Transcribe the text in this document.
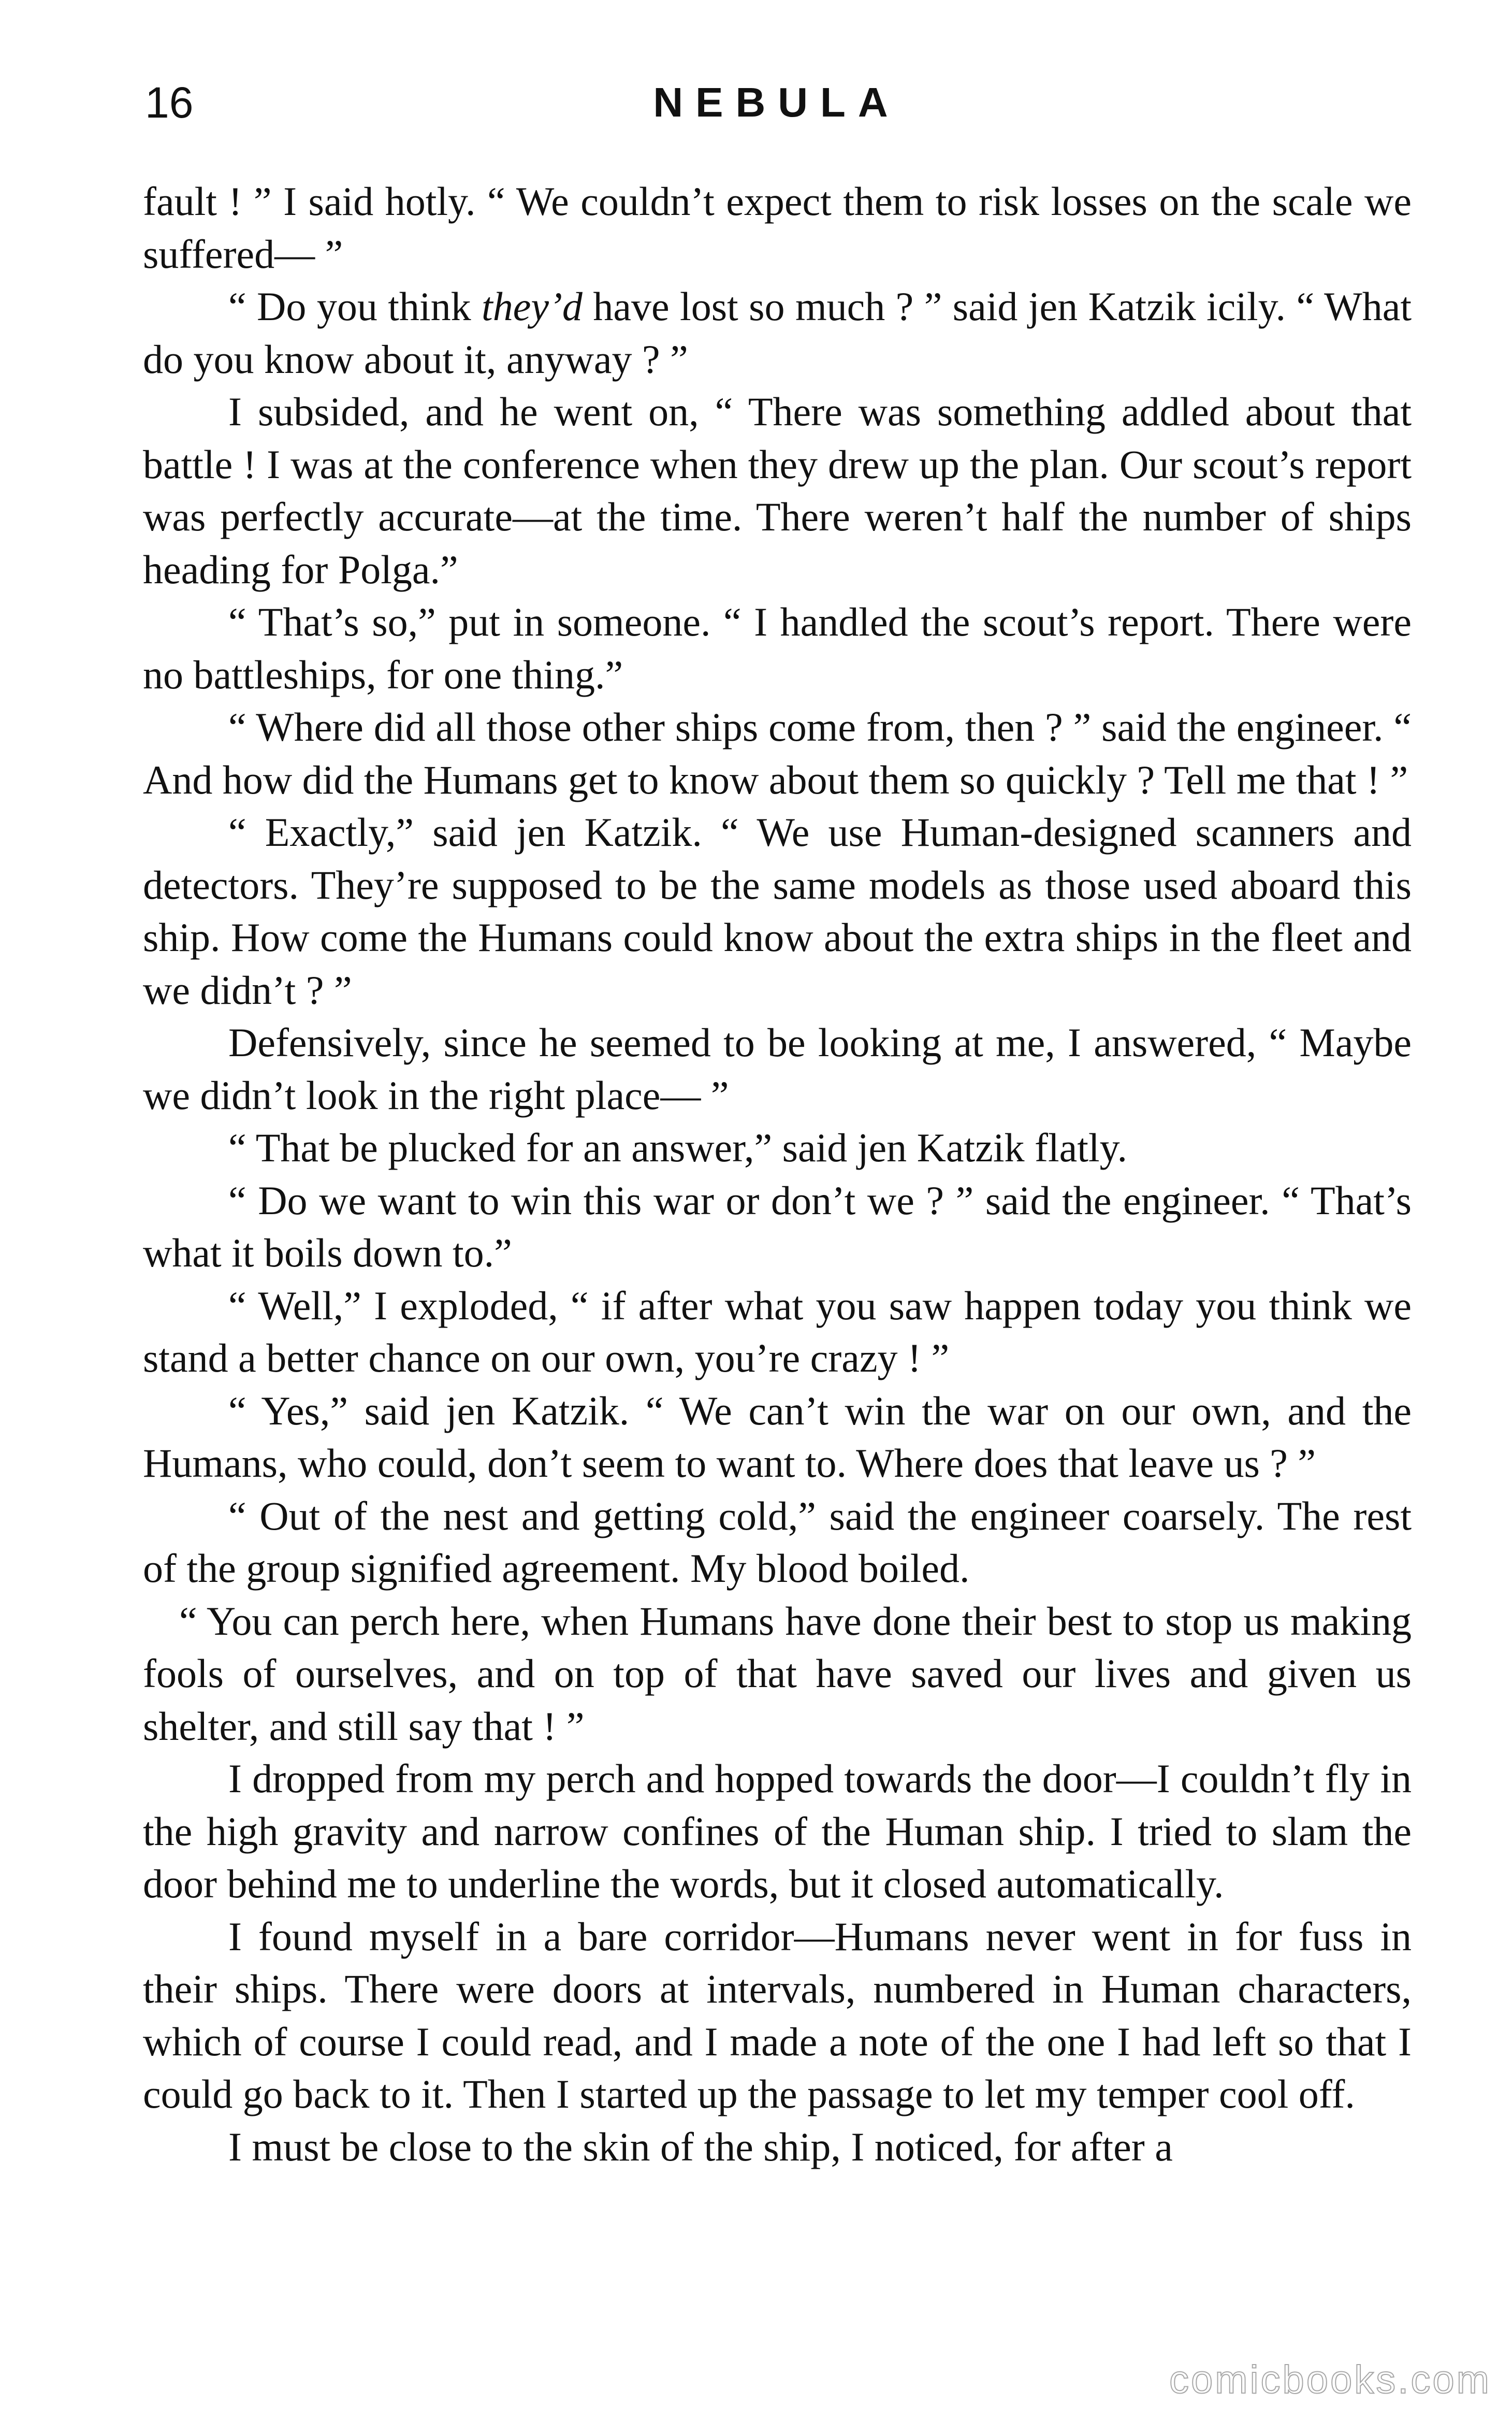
16	NEBULA

fault ! ” I said hotly. “ We couldn’t expect them to risk losses on the scale we suffered— ”

“ Do you think they’d have lost so much ? ” said jen Katzik icily. “ What do you know about it, anyway ? ”

I subsided, and he went on, “ There was something addled about that battle ! I was at the conference when they drew up the plan. Our scout’s report was perfectly accurate—at the time. There weren’t half the number of ships heading for Polga.”

“ That’s so,” put in someone. “ I handled the scout’s report. There were no battleships, for one thing.”

“ Where did all those other ships come from, then ? ” said the engineer. “ And how did the Humans get to know about them so quickly ? Tell me that ! ”

“ Exactly,” said jen Katzik. “ We use Human-designed scanners and detectors. They’re supposed to be the same models as those used aboard this ship. How come the Humans could know about the extra ships in the fleet and we didn’t ? ”

Defensively, since he seemed to be looking at me, I answered, “ Maybe we didn’t look in the right place— ”

“ That be plucked for an answer,” said jen Katzik flatly.

“ Do we want to win this war or don’t we ? ” said the engineer. “ That’s what it boils down to.”

“ Well,” I exploded, “ if after what you saw happen today you think we stand a better chance on our own, you’re crazy ! ”

“ Yes,” said jen Katzik. “ We can’t win the war on our own, and the Humans, who could, don’t seem to want to. Where does that leave us ? ”

“ Out of the nest and getting cold,” said the engineer coarsely. The rest of the group signified agreement. My blood boiled.

“ You can perch here, when Humans have done their best to stop us making fools of ourselves, and on top of that have saved our lives and given us shelter, and still say that ! ”

I dropped from my perch and hopped towards the door—I couldn’t fly in the high gravity and narrow confines of the Human ship. I tried to slam the door behind me to underline the words, but it closed automatically.

I found myself in a bare corridor—Humans never went in for fuss in their ships. There were doors at intervals, numbered in Human characters, which of course I could read, and I made a note of the one I had left so that I could go back to it. Then I started up the passage to let my temper cool off.

I must be close to the skin of the ship, I noticed, for after a

comicbooks.com
